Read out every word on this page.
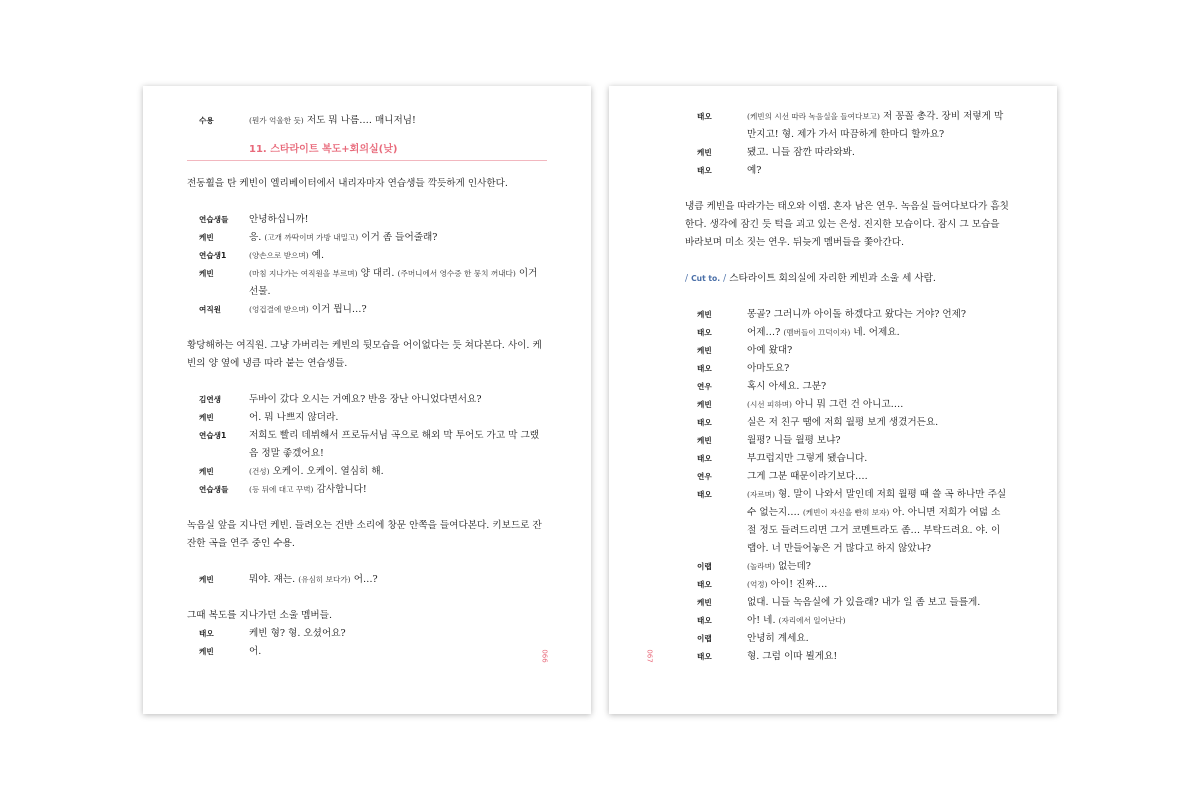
수용	(뭔가 억울한 듯) 저도 뭐 나름…. 매니저님!
11. 스타라이트 복도+회의실(낮)

전동휠을 탄 케빈이 엘리베이터에서 내리자마자 연습생들 깍듯하게 인사한다.

연습생들	안녕하십니까!
케빈	응. (고개 까딱이며 가방 내밀고) 이거 좀 들어줄래?
연습생1	(양손으로 받으며) 예.
케빈	(마침 지나가는 여직원을 부르며) 양 대리. (주머니에서 영수증 한 뭉치 꺼내다) 이거 선물.
여직원	(엉겁결에 받으며) 이거 뭡니…?

황당해하는 여직원. 그냥 가버리는 케빈의 뒷모습을 어이없다는 듯 쳐다본다. 사이. 케빈의 양 옆에 냉큼 따라 붙는 연습생들.

김연생	두바이 갔다 오시는 거예요? 반응 장난 아니었다면서요?
케빈	어. 뭐 나쁘지 않더라.
연습생1	저희도 빨리 데뷔해서 프로듀서님 곡으로 해외 막 투어도 가고 막 그랬음 정말 좋겠어요!
케빈	(건성) 오케이. 오케이. 열심히 해.
연습생들	(등 뒤에 대고 꾸벅) 감사합니다!

녹음실 앞을 지나던 케빈. 들려오는 건반 소리에 창문 안쪽을 들여다본다. 키보드로 잔잔한 곡을 연주 중인 수용.

케빈	뭐야. 쟤는. (유심히 보다가) 어…?

그때 복도를 지나가던 소울 멤버들.

태오	케빈 형? 형. 오셨어요?
케빈	어.	066
태오	(케빈의 시선 따라 녹음실을 들여다보고) 저 꽁꼴 총각. 장비 저렇게 막 만지고! 형. 제가 가서 따끔하게 한마디 할까요?
케빈	됐고. 니들 잠깐 따라와봐.
태오	예?

냉큼 케빈을 따라가는 태오와 이랩. 혼자 남은 연우. 녹음실 들여다보다가 흠칫한다. 생각에 잠긴 듯 턱을 괴고 있는 은성. 진지한 모습이다. 잠시 그 모습을 바라보며 미소 짓는 연우. 뒤늦게 멤버들을 쫓아간다.

/ Cut to. / 스타라이트 회의실에 자리한 케빈과 소울 세 사람.

케빈	몽골? 그러니까 아이돌 하겠다고 왔다는 거야? 언제?
태오	어제…? (멤버들이 끄덕이자) 네. 어제요.
케빈	아예 왔대?
태오	아마도요?
연우	혹시 아세요. 그분?
케빈	(시선 피하며) 아니 뭐 그런 건 아니고….
태오	실은 저 친구 땜에 저희 월평 보게 생겼거든요.
케빈	월평? 니들 월평 보냐?
태오	부끄럽지만 그렇게 됐습니다.
연우	그게 그분 때문이라기보다….
태오	(자르며) 형. 말이 나와서 말인데 저희 월평 때 쓸 곡 하나만 주실 수 없는지…. (케빈이 자신을 빤히 보자) 아. 아니면 저희가 여덟 소절 정도 들려드리면 그거 코멘트라도 좀… 부탁드려요. 야. 이랩아. 너 만들어놓은 거 많다고 하지 않았냐?
이랩	(놀라며) 없는데?
태오	(억정) 아이! 진짜….
케빈	없대. 니들 녹음실에 가 있을래? 내가 일 좀 보고 들를게.
태오	아! 네. (자리에서 일어난다)
이랩	안녕히 계세요.
태오	형. 그럼 이따 뵐게요!
067
